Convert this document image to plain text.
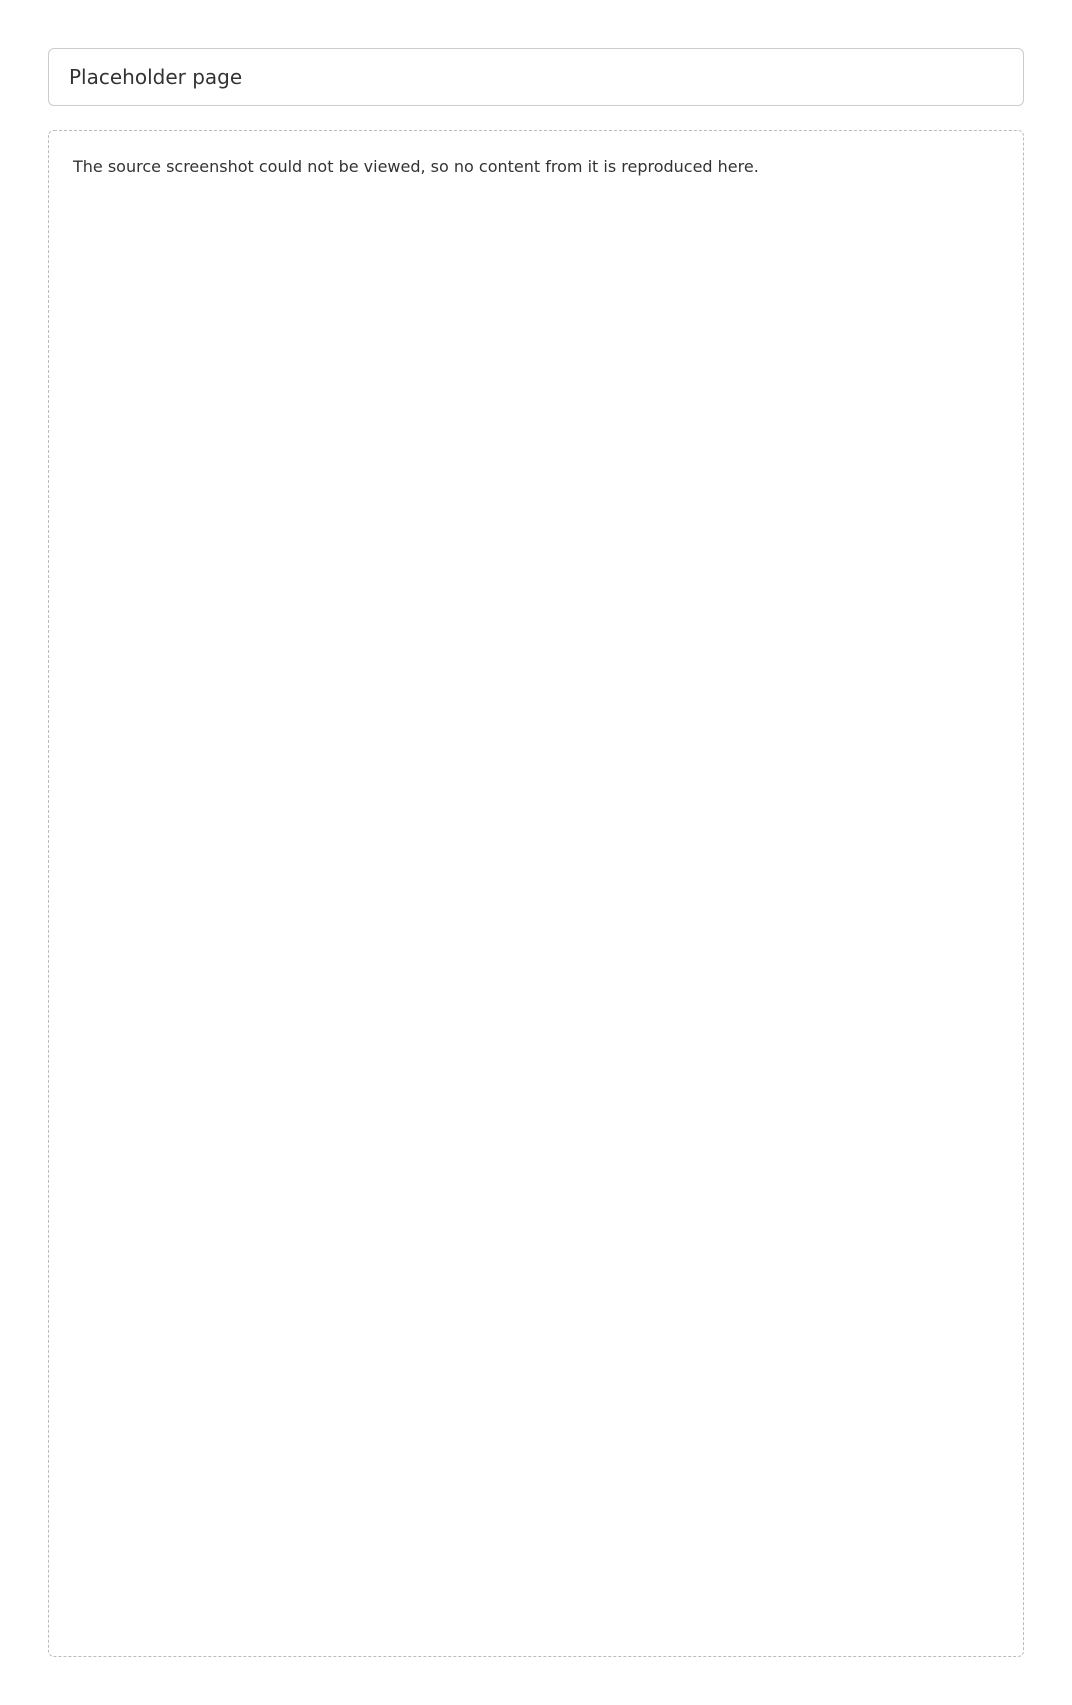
Placeholder page
The source screenshot could not be viewed, so no content from it is reproduced here.
